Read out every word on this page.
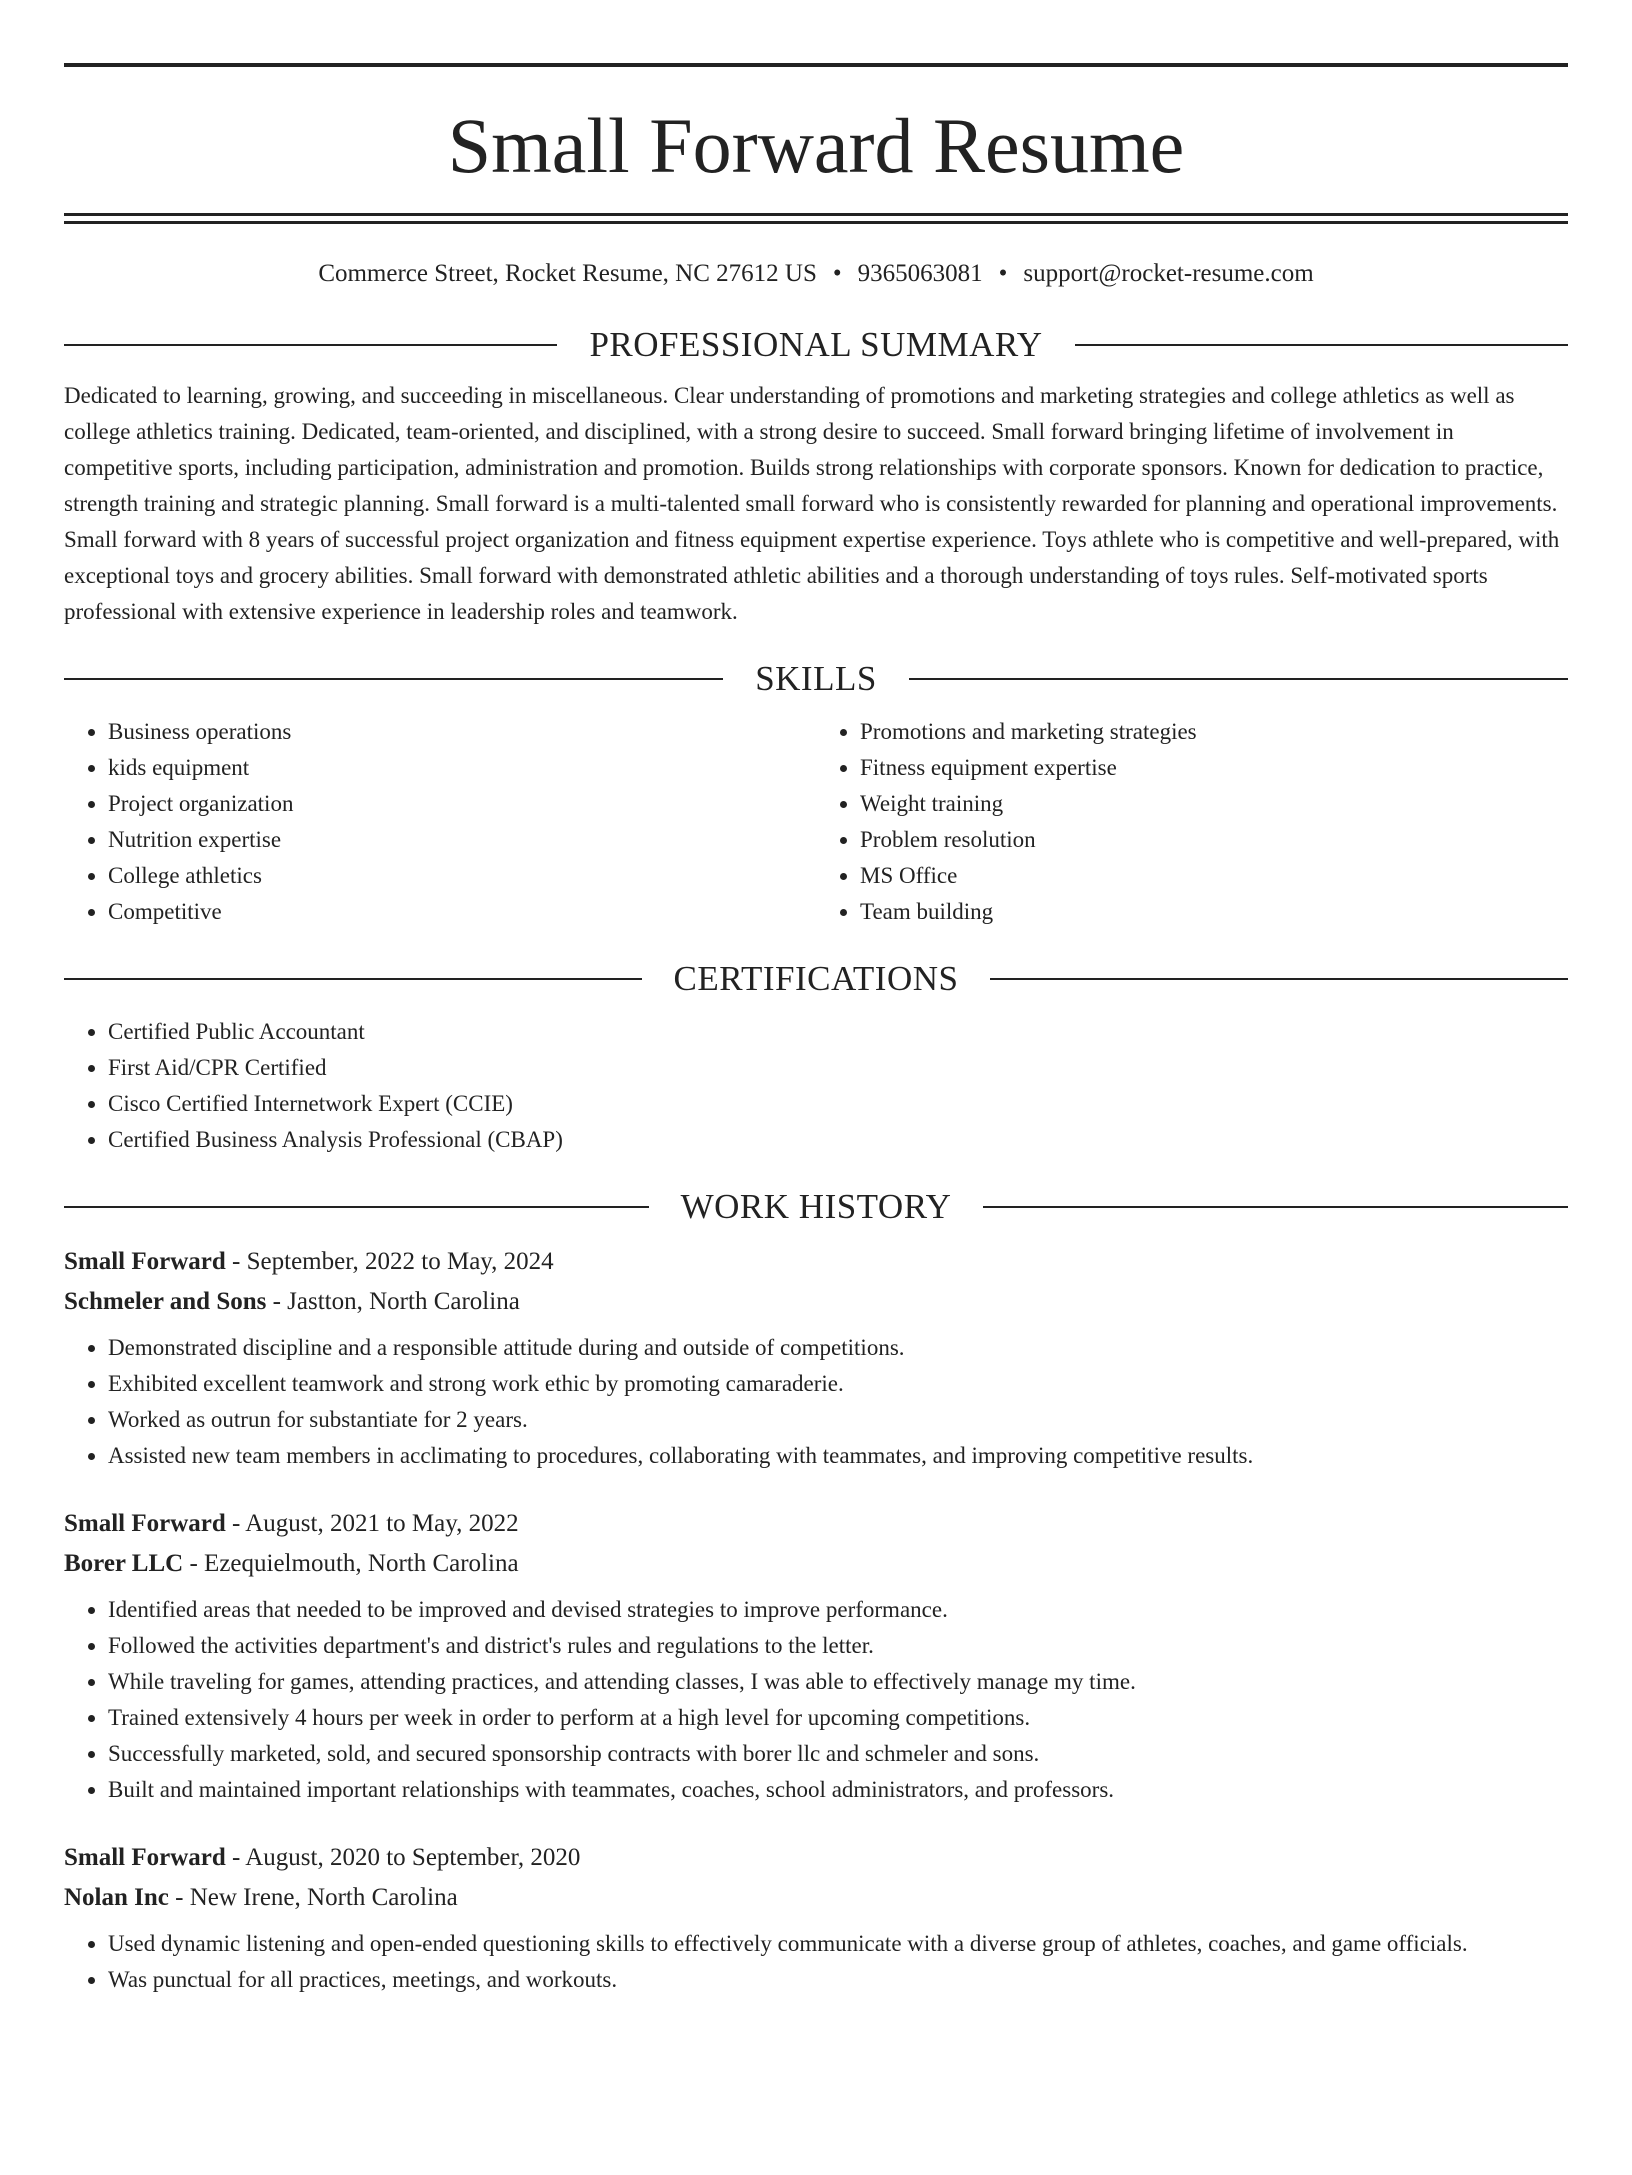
Small Forward Resume
Commerce Street, Rocket Resume, NC 27612 US • 9365063081 • support@rocket-resume.com
PROFESSIONAL SUMMARY

Dedicated to learning, growing, and succeeding in miscellaneous. Clear understanding of promotions and marketing strategies and college athletics as well as college athletics training. Dedicated, team-oriented, and disciplined, with a strong desire to succeed. Small forward bringing lifetime of involvement in competitive sports, including participation, administration and promotion. Builds strong relationships with corporate sponsors. Known for dedication to practice, strength training and strategic planning. Small forward is a multi-talented small forward who is consistently rewarded for planning and operational improvements. Small forward with 8 years of successful project organization and fitness equipment expertise experience. Toys athlete who is competitive and well-prepared, with exceptional toys and grocery abilities. Small forward with demonstrated athletic abilities and a thorough understanding of toys rules. Self-motivated sports professional with extensive experience in leadership roles and teamwork.

SKILLS
• Business operations
• kids equipment
• Project organization
• Nutrition expertise
• College athletics
• Competitive
• Promotions and marketing strategies
• Fitness equipment expertise
• Weight training
• Problem resolution
• MS Office
• Team building
CERTIFICATIONS
• Certified Public Accountant
• First Aid/CPR Certified
• Cisco Certified Internetwork Expert (CCIE)
• Certified Business Analysis Professional (CBAP)
WORK HISTORY
Small Forward - September, 2022 to May, 2024
Schmeler and Sons - Jastton, North Carolina
• Demonstrated discipline and a responsible attitude during and outside of competitions.
• Exhibited excellent teamwork and strong work ethic by promoting camaraderie.
• Worked as outrun for substantiate for 2 years.
• Assisted new team members in acclimating to procedures, collaborating with teammates, and improving competitive results.
Small Forward - August, 2021 to May, 2022
Borer LLC - Ezequielmouth, North Carolina
• Identified areas that needed to be improved and devised strategies to improve performance.
• Followed the activities department's and district's rules and regulations to the letter.
• While traveling for games, attending practices, and attending classes, I was able to effectively manage my time.
• Trained extensively 4 hours per week in order to perform at a high level for upcoming competitions.
• Successfully marketed, sold, and secured sponsorship contracts with borer llc and schmeler and sons.
• Built and maintained important relationships with teammates, coaches, school administrators, and professors.
Small Forward - August, 2020 to September, 2020
Nolan Inc - New Irene, North Carolina
• Used dynamic listening and open-ended questioning skills to effectively communicate with a diverse group of athletes, coaches, and game officials.
• Was punctual for all practices, meetings, and workouts.
